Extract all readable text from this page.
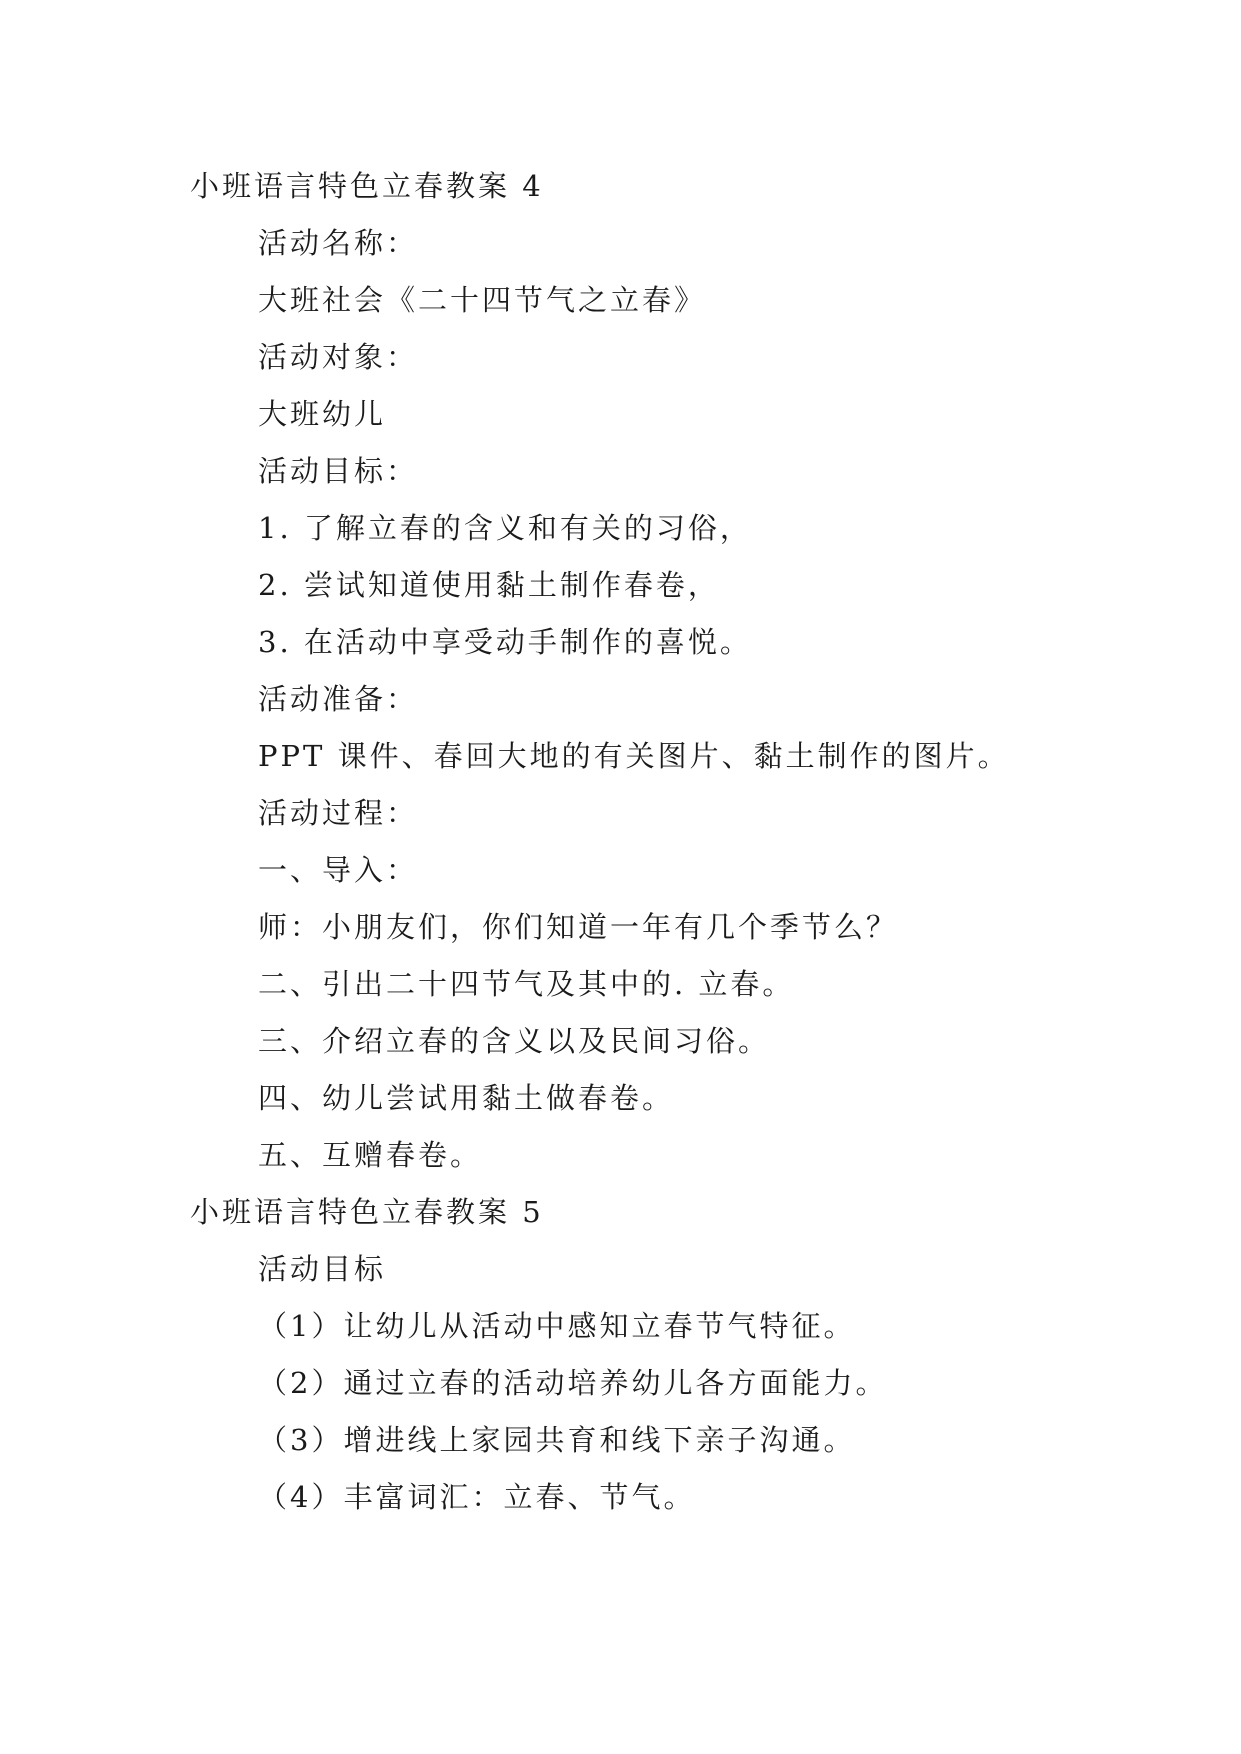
小班语言特色立春教案 4
活动名称：
大班社会《二十四节气之立春》
活动对象：
大班幼儿
活动目标：
1. 了解立春的含义和有关的习俗，
2. 尝试知道使用黏土制作春卷，
3. 在活动中享受动手制作的喜悦。
活动准备：
PPT 课件、春回大地的有关图片、黏土制作的图片。
活动过程：
一、导入：
师：小朋友们，你们知道一年有几个季节么？
二、引出二十四节气及其中的. 立春。
三、介绍立春的含义以及民间习俗。
四、幼儿尝试用黏土做春卷。
五、互赠春卷。
小班语言特色立春教案 5
活动目标
（1）让幼儿从活动中感知立春节气特征。
（2）通过立春的活动培养幼儿各方面能力。
（3）增进线上家园共育和线下亲子沟通。
（4）丰富词汇：立春、节气。
